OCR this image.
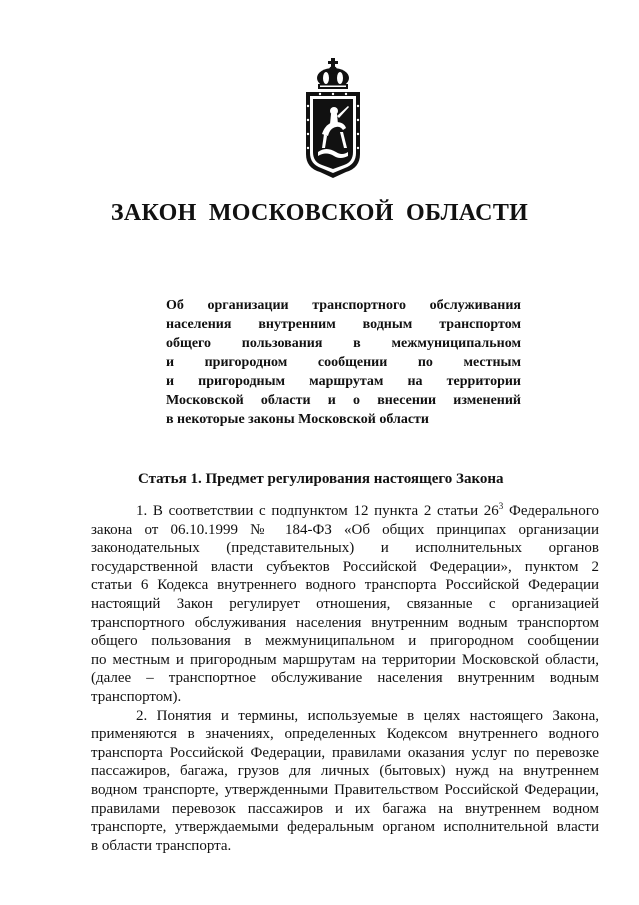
ЗАКОН МОСКОВСКОЙ ОБЛАСТИ
Об организации транспортного обслуживания
населения внутренним водным транспортом
общего пользования в межмуниципальном
и пригородном сообщении по местным
и пригородным маршрутам на территории
Московской области и о внесении изменений
в некоторые законы Московской области
Статья 1. Предмет регулирования настоящего Закона
1. В соответствии с подпунктом 12 пункта 2 статьи $26^3$ Федерального
закона от 06.10.1999 № 184-ФЗ «Об общих принципах организации
законодательных (представительных) и исполнительных органов
государственной власти субъектов Российской Федерации», пунктом 2
статьи 6 Кодекса внутреннего водного транспорта Российской Федерации
настоящий Закон регулирует отношения, связанные с организацией
транспортного обслуживания населения внутренним водным транспортом
общего пользования в межмуниципальном и пригородном сообщении
по местным и пригородным маршрутам на территории Московской области,
(далее – транспортное обслуживание населения внутренним водным
транспортом).
2. Понятия и термины, используемые в целях настоящего Закона,
применяются в значениях, определенных Кодексом внутреннего водного
транспорта Российской Федерации, правилами оказания услуг по перевозке
пассажиров, багажа, грузов для личных (бытовых) нужд на внутреннем
водном транспорте, утвержденными Правительством Российской Федерации,
правилами перевозок пассажиров и их багажа на внутреннем водном
транспорте, утверждаемыми федеральным органом исполнительной власти
в области транспорта.
